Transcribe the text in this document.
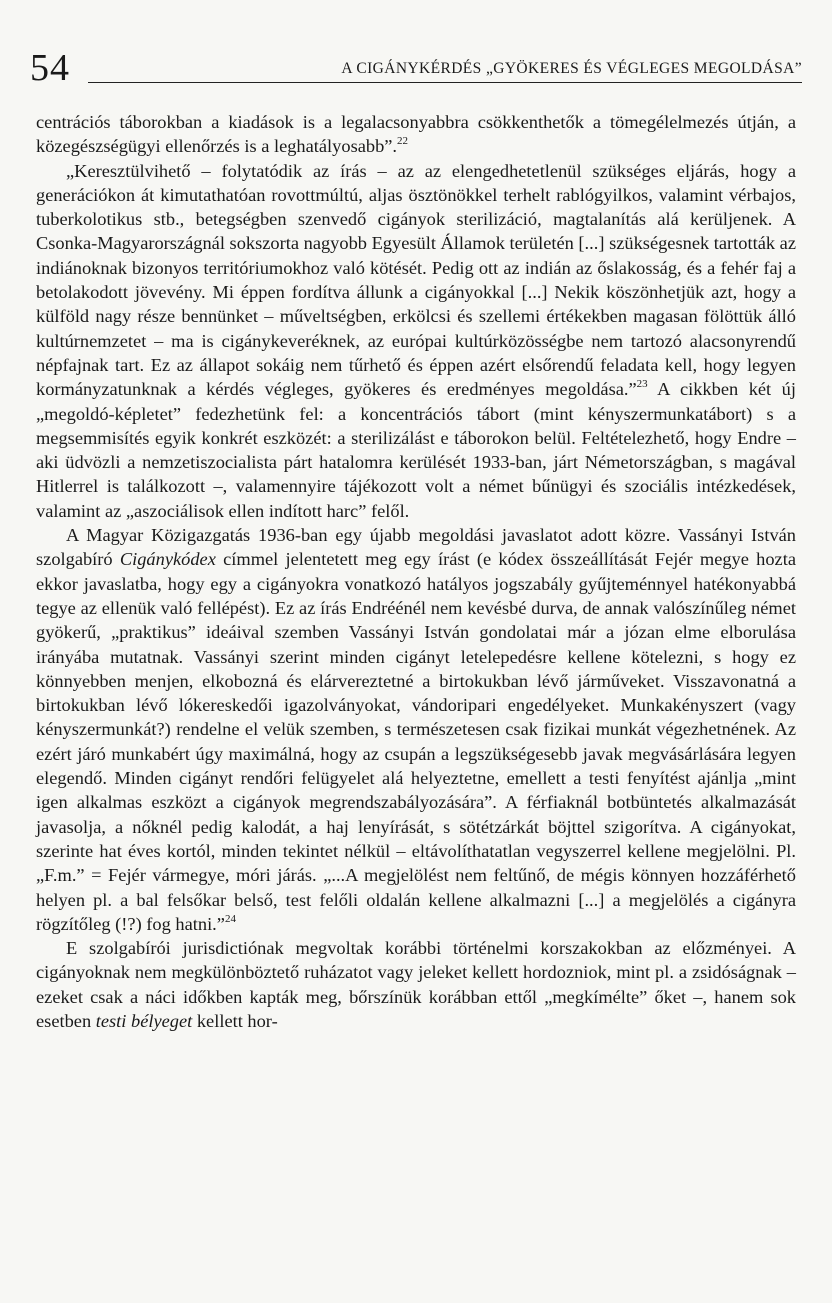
54	A CIGÁNYKÉRDÉS „GYÖKERES ÉS VÉGLEGES MEGOLDÁSA”

centrációs táborokban a kiadások is a legalacsonyabbra csökkenthetők a tömegélelmezés útján, a közegészségügyi ellenőrzés is a leghatályosabb”.$^{22}$

„Keresztülvihető – folytatódik az írás – az az elengedhetetlenül szükséges eljárás, hogy a generációkon át kimutathatóan rovottmúltú, aljas ösztönökkel terhelt rablógyilkos, valamint vérbajos, tuberkolotikus stb., betegségben szenvedő cigányok sterilizáció, magtalanítás alá kerüljenek. A Csonka-Magyarországnál sokszorta nagyobb Egyesült Államok területén [...] szükségesnek tartották az indiánoknak bizonyos territóriumokhoz való kötését. Pedig ott az indián az őslakosság, és a fehér faj a betolakodott jövevény. Mi éppen fordítva állunk a cigányokkal [...] Nekik köszönhetjük azt, hogy a külföld nagy része bennünket – műveltségben, erkölcsi és szellemi értékekben magasan fölöttük álló kultúrnemzetet – ma is cigánykeveréknek, az európai kultúrközösségbe nem tartozó alacsonyrendű népfajnak tart. Ez az állapot sokáig nem tűrhető és éppen azért elsőrendű feladata kell, hogy legyen kormányzatunknak a kérdés végleges, gyökeres és eredményes megoldása.”$^{23}$ A cikkben két új „megoldó-képletet” fedezhetünk fel: a koncentrációs tábort (mint kényszermunkatábort) s a megsemmisítés egyik konkrét eszközét: a sterilizálást e táborokon belül. Feltételezhető, hogy Endre – aki üdvözli a nemzetiszocialista párt hatalomra kerülését 1933-ban, járt Németországban, s magával Hitlerrel is találkozott –, valamennyire tájékozott volt a német bűnügyi és szociális intézkedések, valamint az „aszociálisok ellen indított harc” felől.

A Magyar Közigazgatás 1936-ban egy újabb megoldási javaslatot adott közre. Vassányi István szolgabíró Cigánykódex címmel jelentetett meg egy írást (e kódex összeállítását Fejér megye hozta ekkor javaslatba, hogy egy a cigányokra vonatkozó hatályos jogszabály gyűjteménnyel hatékonyabbá tegye az ellenük való fellépést). Ez az írás Endréénél nem kevésbé durva, de annak valószínűleg német gyökerű, „praktikus” ideáival szemben Vassányi István gondolatai már a józan elme elborulása irányába mutatnak. Vassányi szerint minden cigányt letelepedésre kellene kötelezni, s hogy ez könnyebben menjen, elkobozná és elárvereztetné a birtokukban lévő járműveket. Visszavonatná a birtokukban lévő lókereskedői igazolványokat, vándoripari engedélyeket. Munkakényszert (vagy kényszermunkát?) rendelne el velük szemben, s természetesen csak fizikai munkát végezhetnének. Az ezért járó munkabért úgy maximálná, hogy az csupán a legszükségesebb javak megvásárlására legyen elegendő. Minden cigányt rendőri felügyelet alá helyeztetne, emellett a testi fenyítést ajánlja „mint igen alkalmas eszközt a cigányok megrendszabályozására”. A férfiaknál botbüntetés alkalmazását javasolja, a nőknél pedig kalodát, a haj lenyírását, s sötétzárkát böjttel szigorítva. A cigányokat, szerinte hat éves kortól, minden tekintet nélkül – eltávolíthatatlan vegyszerrel kellene megjelölni. Pl. „F.m.” = Fejér vármegye, móri járás. „...A megjelölést nem feltűnő, de mégis könnyen hozzáférhető helyen pl. a bal felsőkar belső, test felőli oldalán kellene alkalmazni [...] a megjelölés a cigányra rögzítőleg (!?) fog hatni.”$^{24}$

E szolgabírói jurisdictiónak megvoltak korábbi történelmi korszakokban az előzményei. A cigányoknak nem megkülönböztető ruházatot vagy jeleket kellett hordozniok, mint pl. a zsidóságnak – ezeket csak a náci időkben kapták meg, bőrszínük korábban ettől „megkímélte” őket –, hanem sok esetben testi bélyeget kellett hor-
